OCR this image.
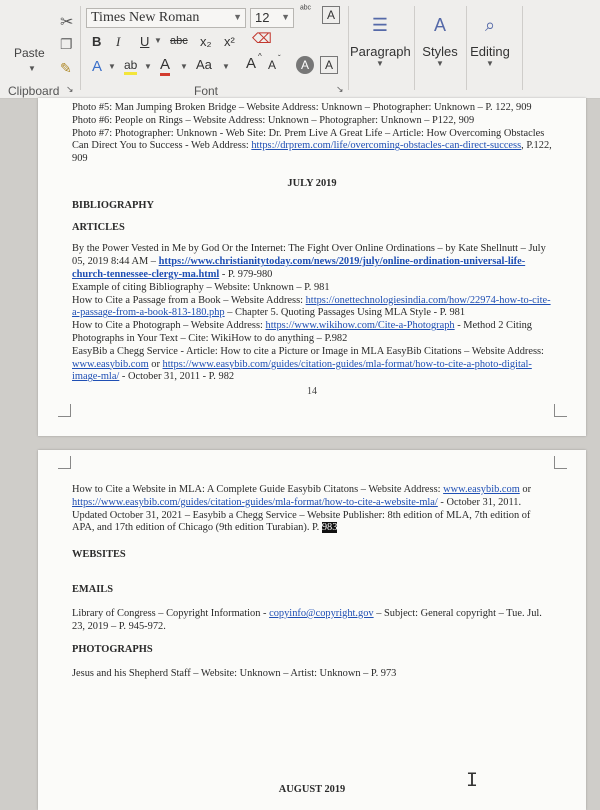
Paste
▼
✂
❐
✎
Clipboard ↘
Times New Roman	▼	12 ▼
ᵃᵇᶜ	A
B I U ▼ abc x₂ x² ⌫
A ▼ ab ▼ A ▼ Aa ▼ A ^
A ˇ	A	A
Font	↘
☰
Paragraph
▼
A
Styles
▼
⌕
Editing
▼

Photo #5: Man Jumping Broken Bridge – Website Address: Unknown – Photographer: Unknown – P. 122, 909

Photo #6: People on Rings – Website Address: Unknown – Photographer: Unknown – P122, 909

Photo #7: Photographer: Unknown - Web Site: Dr. Prem Live A Great Life – Article: How Overcoming Obstacles Can Direct You to Success - Web Address: https://drprem.com/life/overcoming-obstacles-can-direct-success, P.122, 909

JULY 2019

BIBLIOGRAPHY

ARTICLES

By the Power Vested in Me by God Or the Internet: The Fight Over Online Ordinations – by Kate Shellnutt – July 05, 2019 8:44 AM – https://www.christianitytoday.com/news/2019/july/online-ordination-universal-life-church-tennessee-clergy-ma.html - P. 979-980

Example of citing Bibliography – Website: Unknown – P. 981

How to Cite a Passage from a Book – Website Address: https://onettechnologiesindia.com/how/22974-how-to-cite-a-passage-from-a-book-813-180.php – Chapter 5. Quoting Passages Using MLA Style - P. 981

How to Cite a Photograph – Website Address: https://www.wikihow.com/Cite-a-Photograph - Method 2 Citing Photographs in Your Text – Cite: WikiHow to do anything – P.982

EasyBib a Chegg Service - Article: How to cite a Picture or Image in MLA EasyBib Citations – Website Address: www.easybib.com or https://www.easybib.com/guides/citation-guides/mla-format/how-to-cite-a-photo-digital-image-mla/ - October 31, 2011 - P. 982

14

How to Cite a Website in MLA: A Complete Guide Easybib Citatons – Website Address: www.easybib.com or https://www.easybib.com/guides/citation-guides/mla-format/how-to-cite-a-website-mla/ - October 31, 2011. Updated October 31, 2021 – Easybib a Chegg Service – Website Publisher: 8th edition of MLA, 7th edition of APA, and 17th edition of Chicago (9th edition Turabian). P. 983

WEBSITES

EMAILS

Library of Congress – Copyright Information - copyinfo@copyright.gov – Subject: General copyright – Tue. Jul. 23, 2019 – P. 945-972.

PHOTOGRAPHS

Jesus and his Shepherd Staff – Website: Unknown – Artist: Unknown – P. 973

AUGUST 2019	I
